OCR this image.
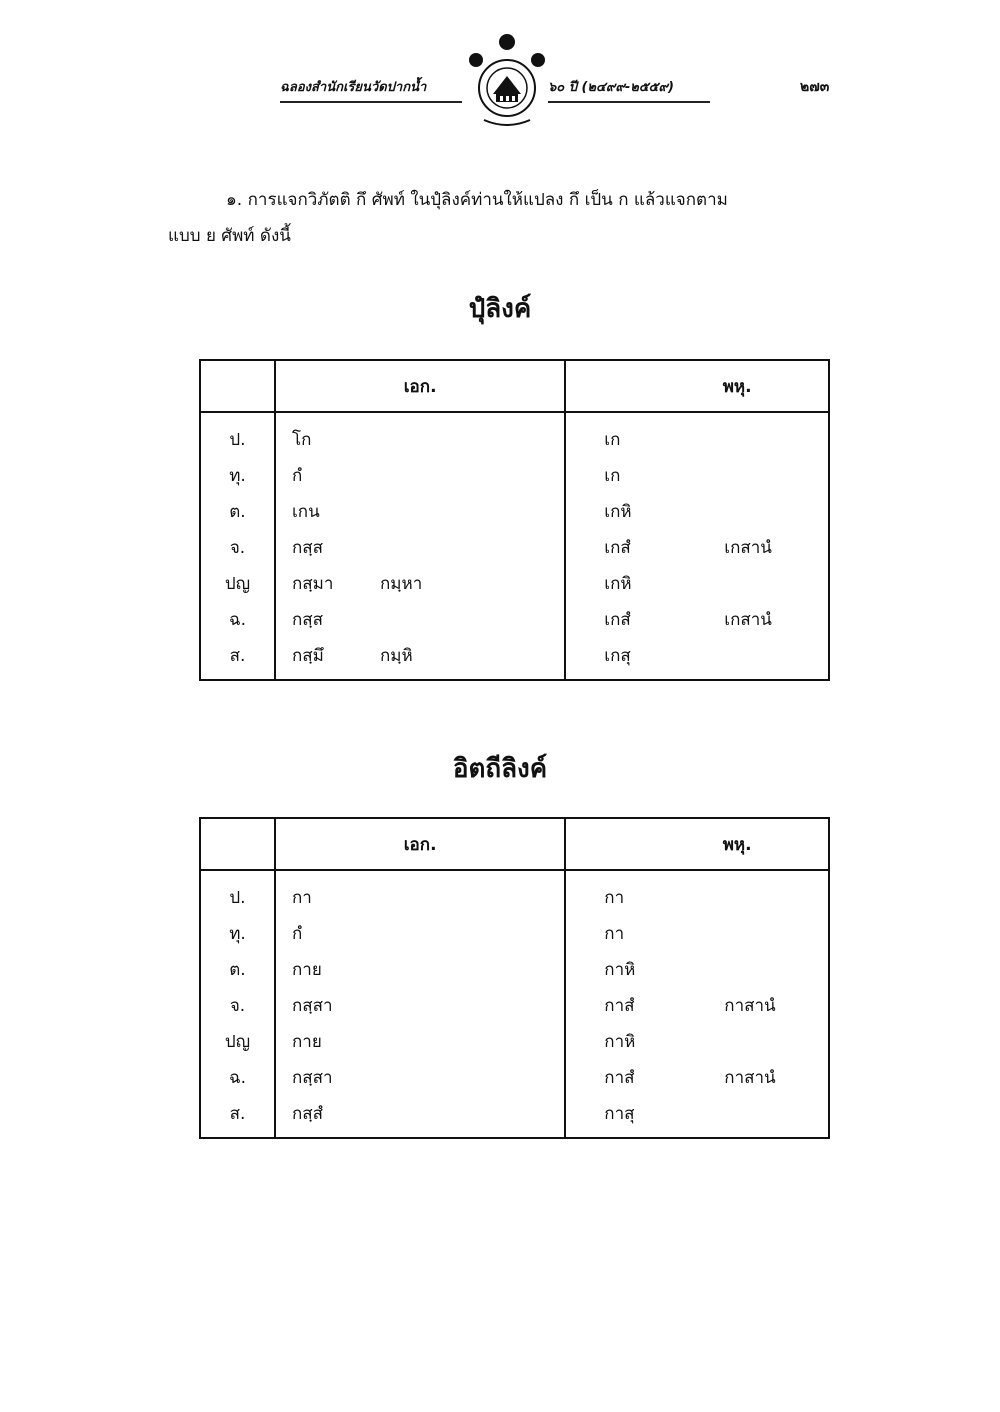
ฉลองสำนักเรียนวัดปากน้ำ	๖๐ ปี (๒๔๙๙-๒๕๕๙)	๒๗๓
๑. การแจกวิภัตติ กึ ศัพท์ ในปุํลิงค์ท่านให้แปลง กึ เป็น ก แล้วแจกตาม
แบบ ย ศัพท์ ดังนี้
ปุํลิงค์
	เอก.	พหุ.
ป.	โก	เก

ทุ.	กํ	เก

ต.	เกน	เกหิ

จ.	กสฺส	เกสํ เกสานํ

ปญ	กสฺมา กมฺหา	เกหิ

ฉ.	กสฺส	เกสํ เกสานํ

ส.	กสฺมึ กมฺหิ	เกสุ
อิตถีลิงค์
	เอก.	พหุ.
ป.	กา	กา

ทุ.	กํ	กา

ต.	กาย	กาหิ

จ.	กสฺสา	กาสํ กาสานํ

ปญ	กาย	กาหิ

ฉ.	กสฺสา	กาสํ กาสานํ

ส.	กสฺสํ	กาสุ
